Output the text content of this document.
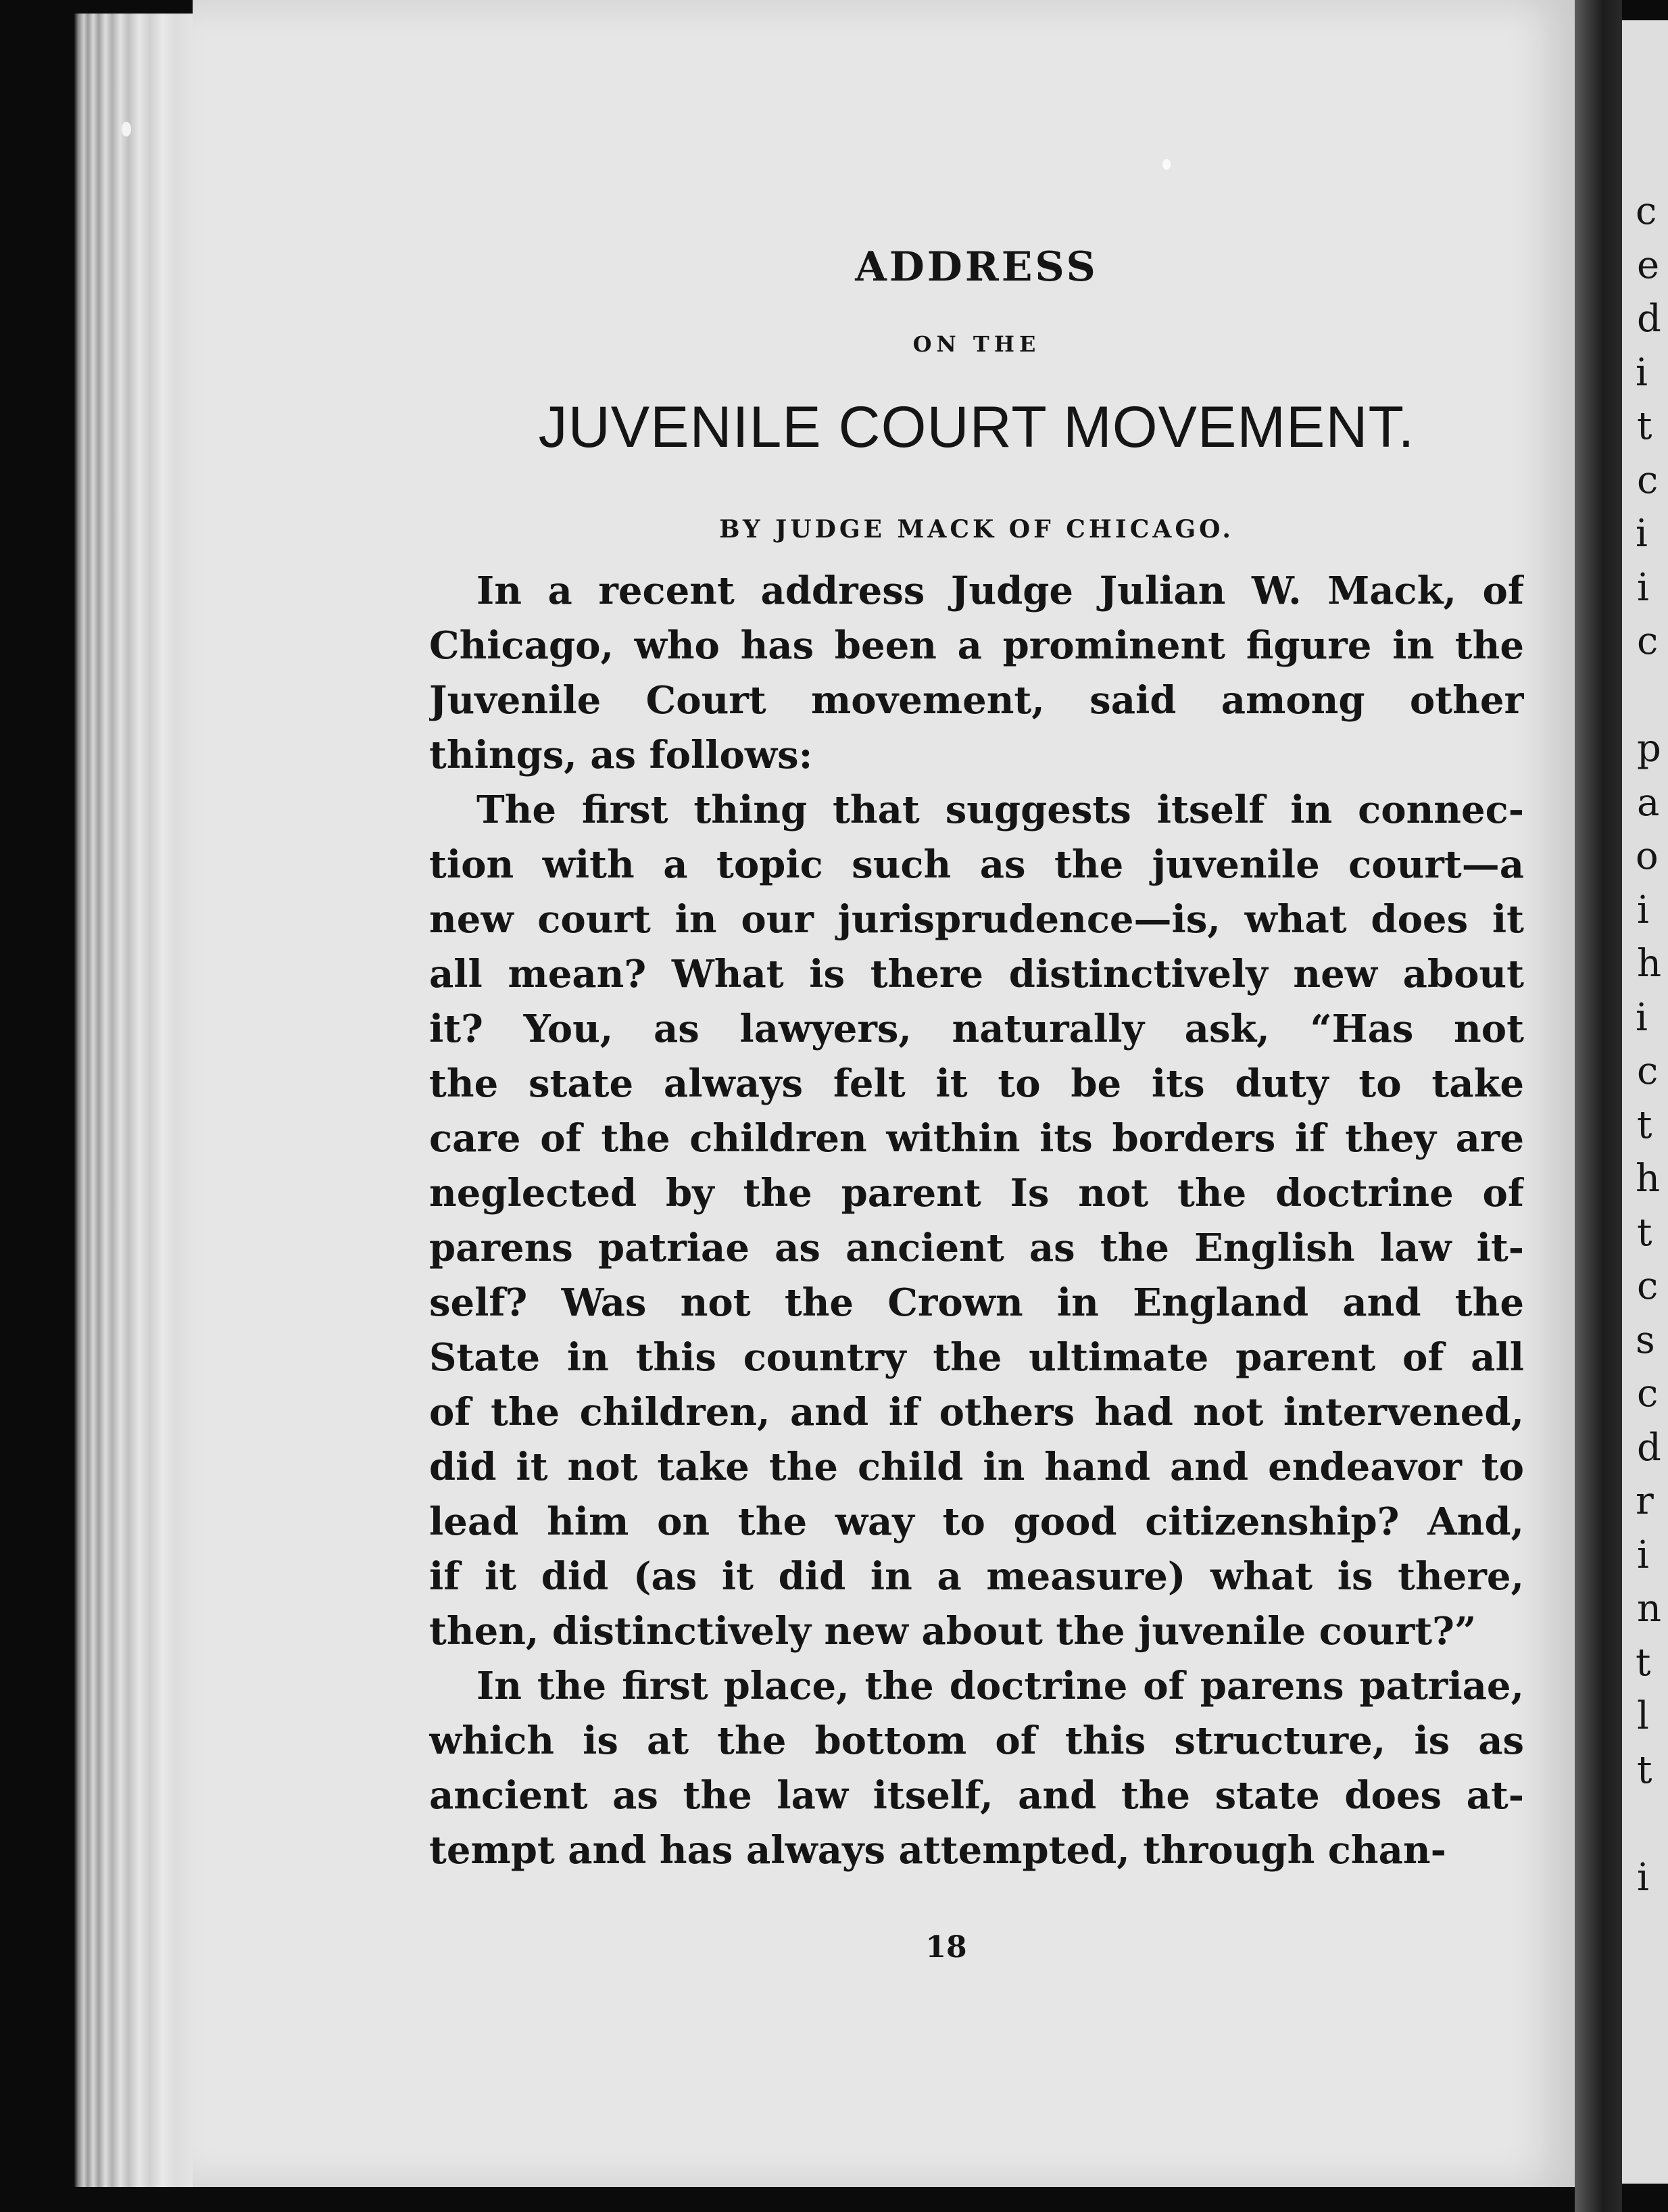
c
e
d
i
t
c
i
i
c
p
a
o
i
h
i
c
t
h
t
c
s
c
d
r
i
n
t
l
t
i
ADDRESS
ON THE
JUVENILE COURT MOVEMENT.
BY JUDGE MACK OF CHICAGO.
In a recent address Judge Julian W. Mack, of
Chicago, who has been a prominent figure in the
Juvenile Court movement, said among other
things, as follows:
The first thing that suggests itself in connec-
tion with a topic such as the juvenile court—a
new court in our jurisprudence—is, what does it
all mean? What is there distinctively new about
it? You, as lawyers, naturally ask, “Has not
the state always felt it to be its duty to take
care of the children within its borders if they are
neglected by the parent Is not the doctrine of
parens patriae as ancient as the English law it-
self? Was not the Crown in England and the
State in this country the ultimate parent of all
of the children, and if others had not intervened,
did it not take the child in hand and endeavor to
lead him on the way to good citizenship? And,
if it did (as it did in a measure) what is there,
then, distinctively new about the juvenile court?”
In the first place, the doctrine of parens patriae,
which is at the bottom of this structure, is as
ancient as the law itself, and the state does at-
tempt and has always attempted, through chan-
18
